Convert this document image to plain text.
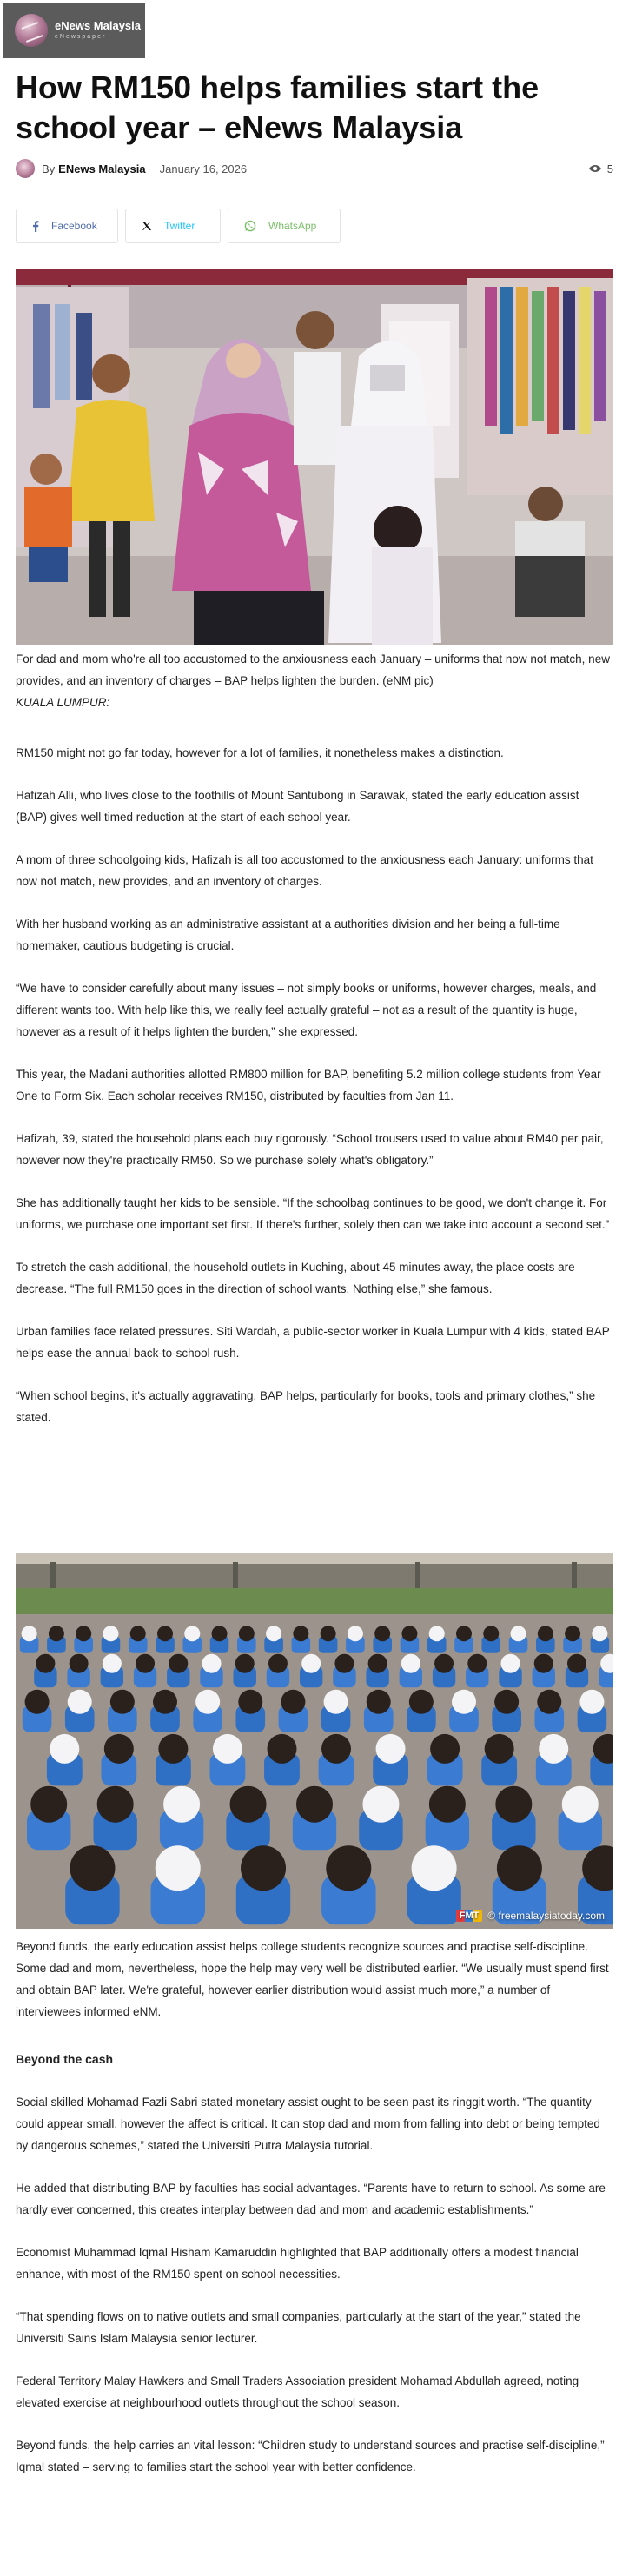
eNews Malaysia
eNewspaper
How RM150 helps families start the school year – eNews Malaysia
By ENews Malaysia January 16, 2026	5
Facebook	Twitter	WhatsApp

For dad and mom who're all too accustomed to the anxiousness each January – uniforms that now not match, new provides, and an inventory of charges – BAP helps lighten the burden. (eNM pic)

KUALA LUMPUR:

RM150 might not go far today, however for a lot of families, it nonetheless makes a distinction.

Hafizah Alli, who lives close to the foothills of Mount Santubong in Sarawak, stated the early education assist (BAP) gives well timed reduction at the start of each school year.

A mom of three schoolgoing kids, Hafizah is all too accustomed to the anxiousness each January: uniforms that now not match, new provides, and an inventory of charges.

With her husband working as an administrative assistant at a authorities division and her being a full-time homemaker, cautious budgeting is crucial.

“We have to consider carefully about many issues – not simply books or uniforms, however charges, meals, and different wants too. With help like this, we really feel actually grateful – not as a result of the quantity is huge, however as a result of it helps lighten the burden,” she expressed.

This year, the Madani authorities allotted RM800 million for BAP, benefiting 5.2 million college students from Year One to Form Six. Each scholar receives RM150, distributed by faculties from Jan 11.

Hafizah, 39, stated the household plans each buy rigorously. “School trousers used to value about RM40 per pair, however now they're practically RM50. So we purchase solely what's obligatory.”

She has additionally taught her kids to be sensible. “If the schoolbag continues to be good, we don't change it. For uniforms, we purchase one important set first. If there's further, solely then can we take into account a second set.”

To stretch the cash additional, the household outlets in Kuching, about 45 minutes away, the place costs are decrease. “The full RM150 goes in the direction of school wants. Nothing else,” she famous.

Urban families face related pressures. Siti Wardah, a public-sector worker in Kuala Lumpur with 4 kids, stated BAP helps ease the annual back-to-school rush.

“When school begins, it's actually aggravating. BAP helps, particularly for books, tools and primary clothes,” she stated.

FMT © freemalaysiatoday.com

Beyond funds, the early education assist helps college students recognize sources and practise self-discipline.

Some dad and mom, nevertheless, hope the help may very well be distributed earlier. “We usually must spend first and obtain BAP later. We're grateful, however earlier distribution would assist much more,” a number of interviewees informed eNM.

Beyond the cash

Social skilled Mohamad Fazli Sabri stated monetary assist ought to be seen past its ringgit worth. “The quantity could appear small, however the affect is critical. It can stop dad and mom from falling into debt or being tempted by dangerous schemes,” stated the Universiti Putra Malaysia tutorial.

He added that distributing BAP by faculties has social advantages. “Parents have to return to school. As some are hardly ever concerned, this creates interplay between dad and mom and academic establishments.”

Economist Muhammad Iqmal Hisham Kamaruddin highlighted that BAP additionally offers a modest financial enhance, with most of the RM150 spent on school necessities.

“That spending flows on to native outlets and small companies, particularly at the start of the year,” stated the Universiti Sains Islam Malaysia senior lecturer.

Federal Territory Malay Hawkers and Small Traders Association president Mohamad Abdullah agreed, noting elevated exercise at neighbourhood outlets throughout the school season.

Beyond funds, the help carries an vital lesson: “Children study to understand sources and practise self-discipline,” Iqmal stated – serving to families start the school year with better confidence.
